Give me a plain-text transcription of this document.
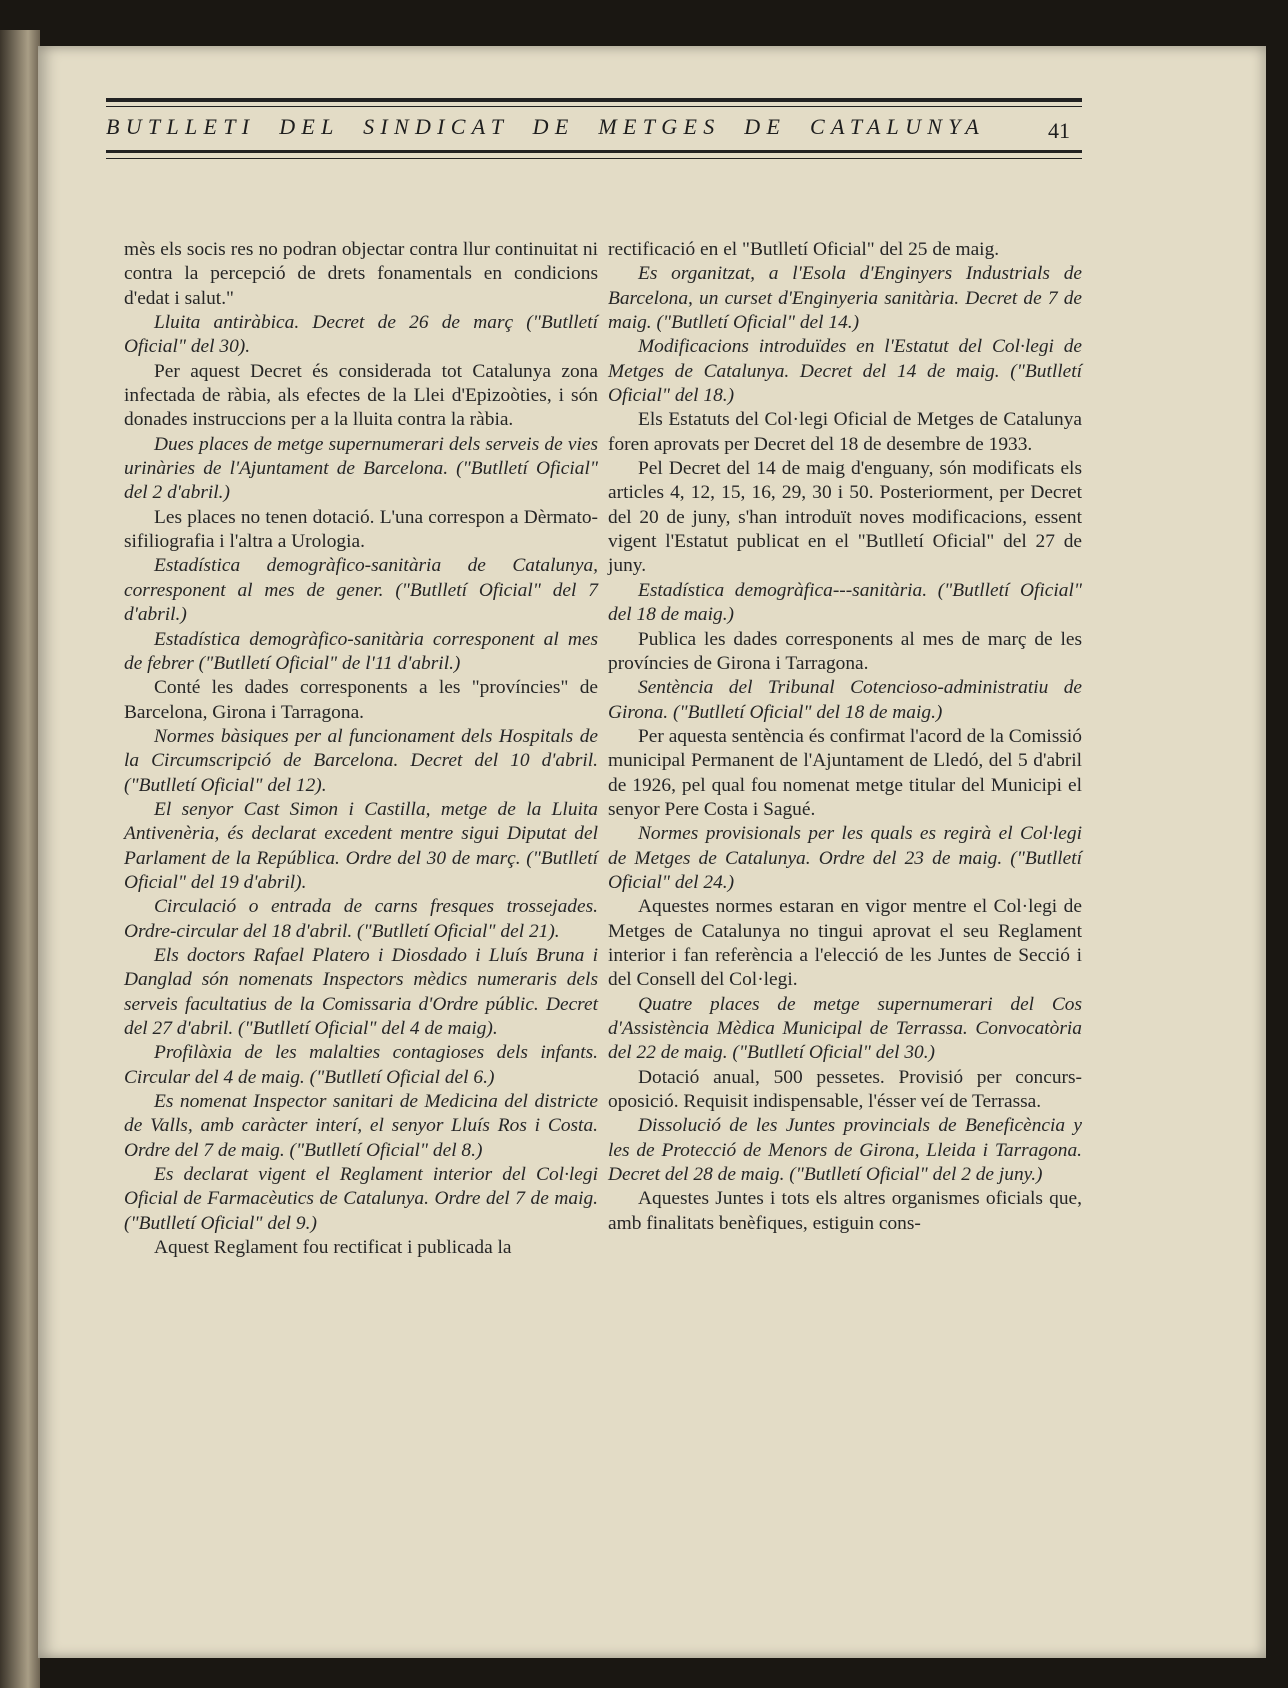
BUTLLETI DEL SINDICAT DE METGES DE CATALUNYA	41

mès els socis res no podran objectar contra llur continuitat ni contra la percepció de drets fonamentals en condicions d'edat i salut."

Lluita antiràbica. Decret de 26 de març ("Butlletí Oficial" del 30).

Per aquest Decret és considerada tot Catalunya zona infectada de ràbia, als efectes de la Llei d'Epizoòties, i són donades instruccions per a la lluita contra la ràbia.

Dues places de metge supernumerari dels serveis de vies urinàries de l'Ajuntament de Barcelona. ("Butlletí Oficial" del 2 d'abril.)

Les places no tenen dotació. L'una correspon a Dèrmato-sifiliografia i l'altra a Urologia.

Estadística demogràfico-sanitària de Catalunya, corresponent al mes de gener. ("Butlletí Oficial" del 7 d'abril.)

Estadística demogràfico-sanitària corresponent al mes de febrer ("Butlletí Oficial" de l'11 d'abril.)

Conté les dades corresponents a les "províncies" de Barcelona, Girona i Tarragona.

Normes bàsiques per al funcionament dels Hospitals de la Circumscripció de Barcelona. Decret del 10 d'abril. ("Butlletí Oficial" del 12).

El senyor Cast Simon i Castilla, metge de la Lluita Antivenèria, és declarat excedent mentre sigui Diputat del Parlament de la República. Ordre del 30 de març. ("Butlletí Oficial" del 19 d'abril).

Circulació o entrada de carns fresques trossejades. Ordre-circular del 18 d'abril. ("Butlletí Oficial" del 21).

Els doctors Rafael Platero i Diosdado i Lluís Bruna i Danglad són nomenats Inspectors mèdics numeraris dels serveis facultatius de la Comissaria d'Ordre públic. Decret del 27 d'abril. ("Butlletí Oficial" del 4 de maig).

Profilàxia de les malalties contagioses dels infants. Circular del 4 de maig. ("Butlletí Oficial del 6.)

Es nomenat Inspector sanitari de Medicina del districte de Valls, amb caràcter interí, el senyor Lluís Ros i Costa. Ordre del 7 de maig. ("Butlletí Oficial" del 8.)

Es declarat vigent el Reglament interior del Col·legi Oficial de Farmacèutics de Catalunya. Ordre del 7 de maig. ("Butlletí Oficial" del 9.)

Aquest Reglament fou rectificat i publicada la

rectificació en el "Butlletí Oficial" del 25 de maig.

Es organitzat, a l'Esola d'Enginyers Industrials de Barcelona, un curset d'Enginyeria sanitària. Decret de 7 de maig. ("Butlletí Oficial" del 14.)

Modificacions introduïdes en l'Estatut del Col·legi de Metges de Catalunya. Decret del 14 de maig. ("Butlletí Oficial" del 18.)

Els Estatuts del Col·legi Oficial de Metges de Catalunya foren aprovats per Decret del 18 de desembre de 1933.

Pel Decret del 14 de maig d'enguany, són modificats els articles 4, 12, 15, 16, 29, 30 i 50. Posteriorment, per Decret del 20 de juny, s'han introduït noves modificacions, essent vigent l'Estatut publicat en el "Butlletí Oficial" del 27 de juny.

Estadística demogràfica---sanitària. ("Butlletí Oficial" del 18 de maig.)

Publica les dades corresponents al mes de març de les províncies de Girona i Tarragona.

Sentència del Tribunal Cotencioso-administratiu de Girona. ("Butlletí Oficial" del 18 de maig.)

Per aquesta sentència és confirmat l'acord de la Comissió municipal Permanent de l'Ajuntament de Lledó, del 5 d'abril de 1926, pel qual fou nomenat metge titular del Municipi el senyor Pere Costa i Sagué.

Normes provisionals per les quals es regirà el Col·legi de Metges de Catalunya. Ordre del 23 de maig. ("Butlletí Oficial" del 24.)

Aquestes normes estaran en vigor mentre el Col·legi de Metges de Catalunya no tingui aprovat el seu Reglament interior i fan referència a l'elecció de les Juntes de Secció i del Consell del Col·legi.

Quatre places de metge supernumerari del Cos d'Assistència Mèdica Municipal de Terrassa. Convocatòria del 22 de maig. ("Butlletí Oficial" del 30.)

Dotació anual, 500 pessetes. Provisió per concurs-oposició. Requisit indispensable, l'ésser veí de Terrassa.

Dissolució de les Juntes provincials de Beneficència y les de Protecció de Menors de Girona, Lleida i Tarragona. Decret del 28 de maig. ("Butlletí Oficial" del 2 de juny.)

Aquestes Juntes i tots els altres organismes oficials que, amb finalitats benèfiques, estiguin cons-
